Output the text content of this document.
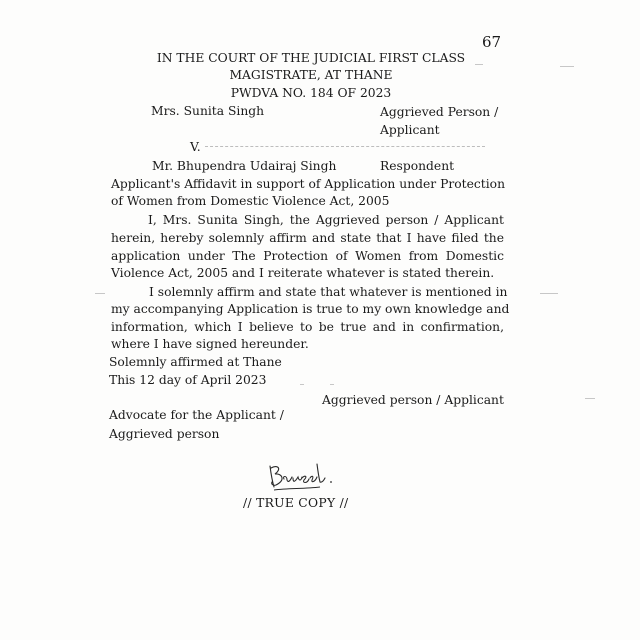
67
IN THE COURT OF THE JUDICIAL FIRST CLASS
MAGISTRATE, AT THANE
PWDVA NO. 184 OF 2023
Mrs. Sunita Singh	Aggrieved Person /
Applicant
V.
Mr. Bhupendra Udairaj Singh	Respondent
Applicant's Affidavit in support of Application under Protection
of Women from Domestic Violence Act, 2005
I, Mrs. Sunita Singh, the Aggrieved person / Applicant
herein, hereby solemnly affirm and state that I have filed the
application under The Protection of Women from Domestic
Violence Act, 2005 and I reiterate whatever is stated therein.
I solemnly affirm and state that whatever is mentioned in
my accompanying Application is true to my own knowledge and
information, which I believe to be true and in confirmation,
where I have signed hereunder.
Solemnly affirmed at Thane
This 12 day of April 2023
Aggrieved person / Applicant
Advocate for the Applicant /
Aggrieved person
// TRUE COPY //
